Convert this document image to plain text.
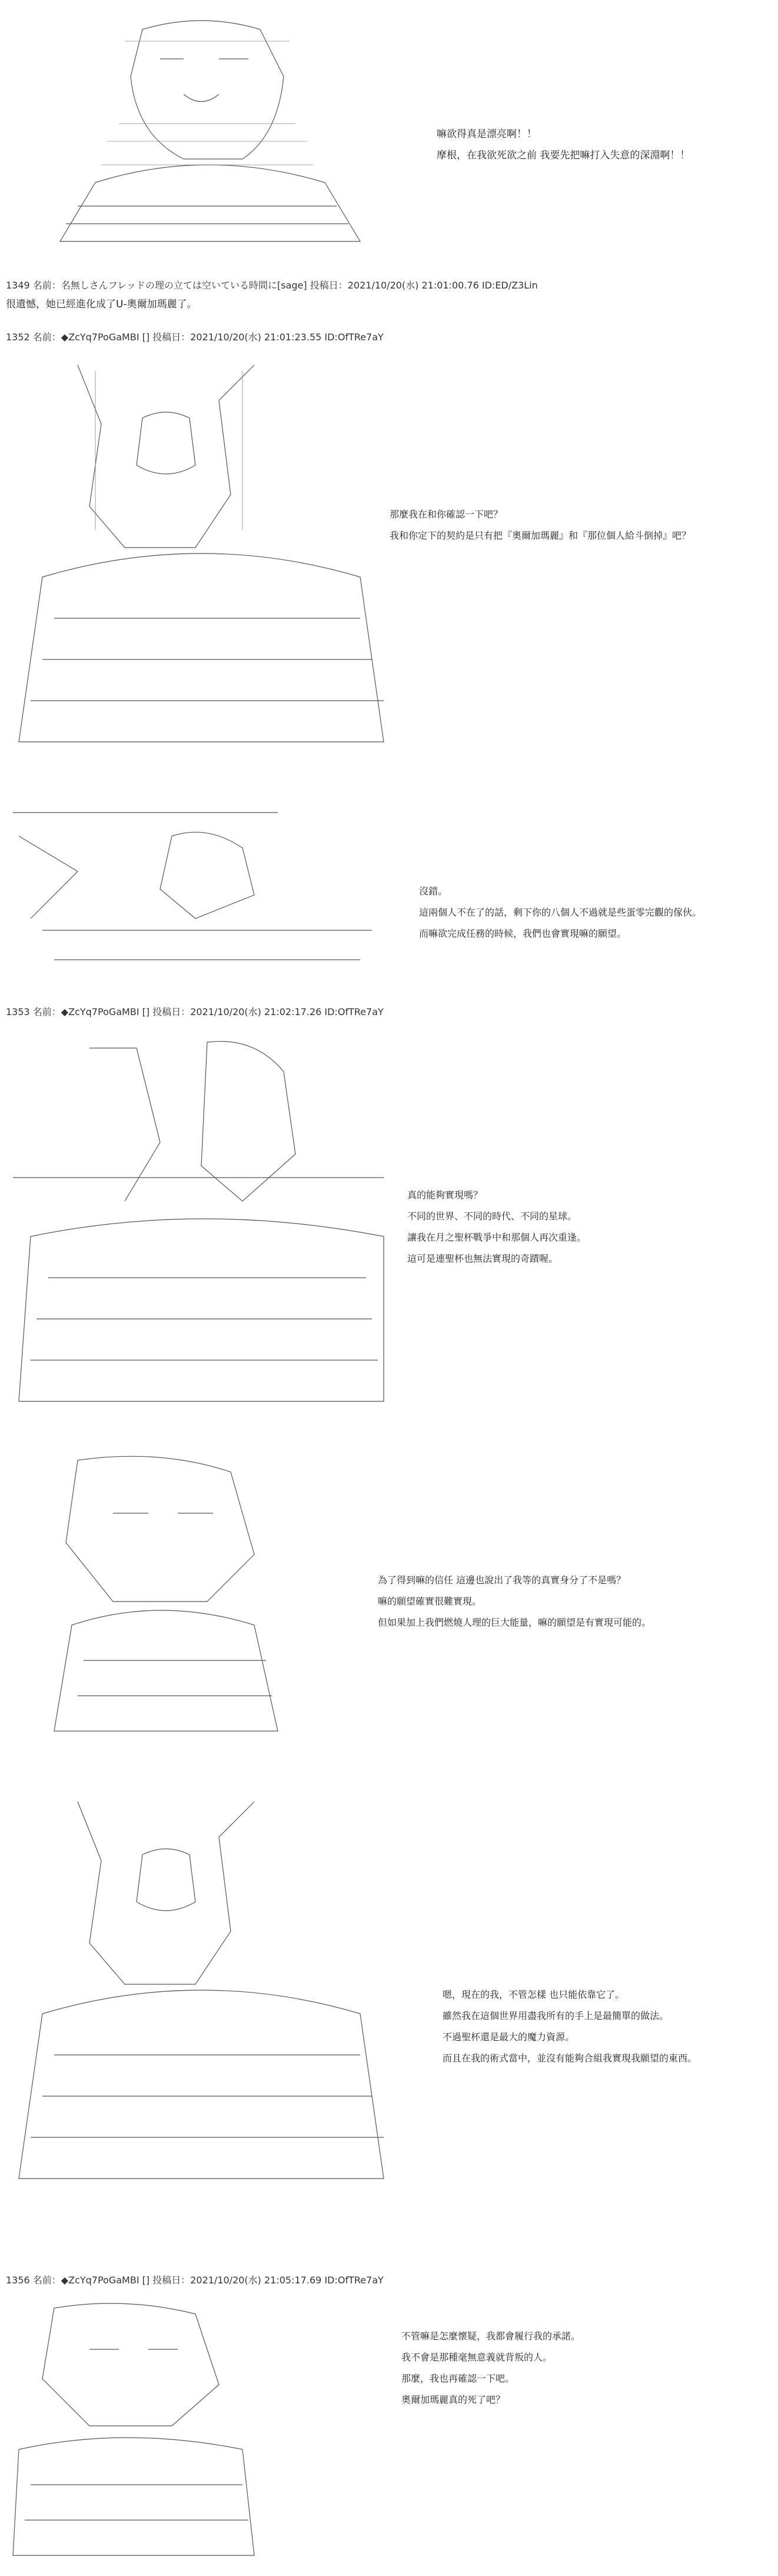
嘛欲得真是漂亮啊！！
摩根，在我欲死欲之前 我要先把嘛打入失意的深淵啊！！
1349 名前：名無しさんフレッドの理の立ては空いている時間に[sage] 投稿日：2021/10/20(水) 21:01:00.76 ID:ED/Z3Lin
很遺憾，她已經進化成了U-奧爾加瑪麗了。
1352 名前：◆ZcYq7PoGaMBI [] 投稿日：2021/10/20(水) 21:01:23.55 ID:OfTRe7aY
那麼我在和你確認一下吧？
我和你定下的契約是只有把『奧爾加瑪麗』和『那位個人給斗倒掉』吧？
沒錯。
這兩個人不在了的話，剩下你的八個人不過就是些蛋零完觀的傢伙。
而嘛欲完成任務的時候，我們也會實現嘛的願望。
1353 名前：◆ZcYq7PoGaMBI [] 投稿日：2021/10/20(水) 21:02:17.26 ID:OfTRe7aY
真的能夠實現嗎？
不同的世界、不同的時代、不同的星球。
讓我在月之聖杯戰爭中和那個人再次重逢。
這可是連聖杯也無法實現的奇蹟喔。
為了得到嘛的信任 這邊也說出了我等的真實身分了不是嗎？
嘛的願望確實很難實現。
但如果加上我們燃燒人理的巨大能量，嘛的願望是有實現可能的。
嗯，現在的我，不管怎樣 也只能依靠它了。
雖然我在這個世界用盡我所有的手上是最簡單的做法。
不過聖杯還是最大的魔力資源。
而且在我的術式當中，並沒有能夠合組我實現我願望的東西。
1356 名前：◆ZcYq7PoGaMBI [] 投稿日：2021/10/20(水) 21:05:17.69 ID:OfTRe7aY
不管嘛是怎麼懷疑，我都會履行我的承諾。
我不會是那種毫無意義就背叛的人。
那麼，我也再確認一下吧。
奧爾加瑪麗真的死了吧？
